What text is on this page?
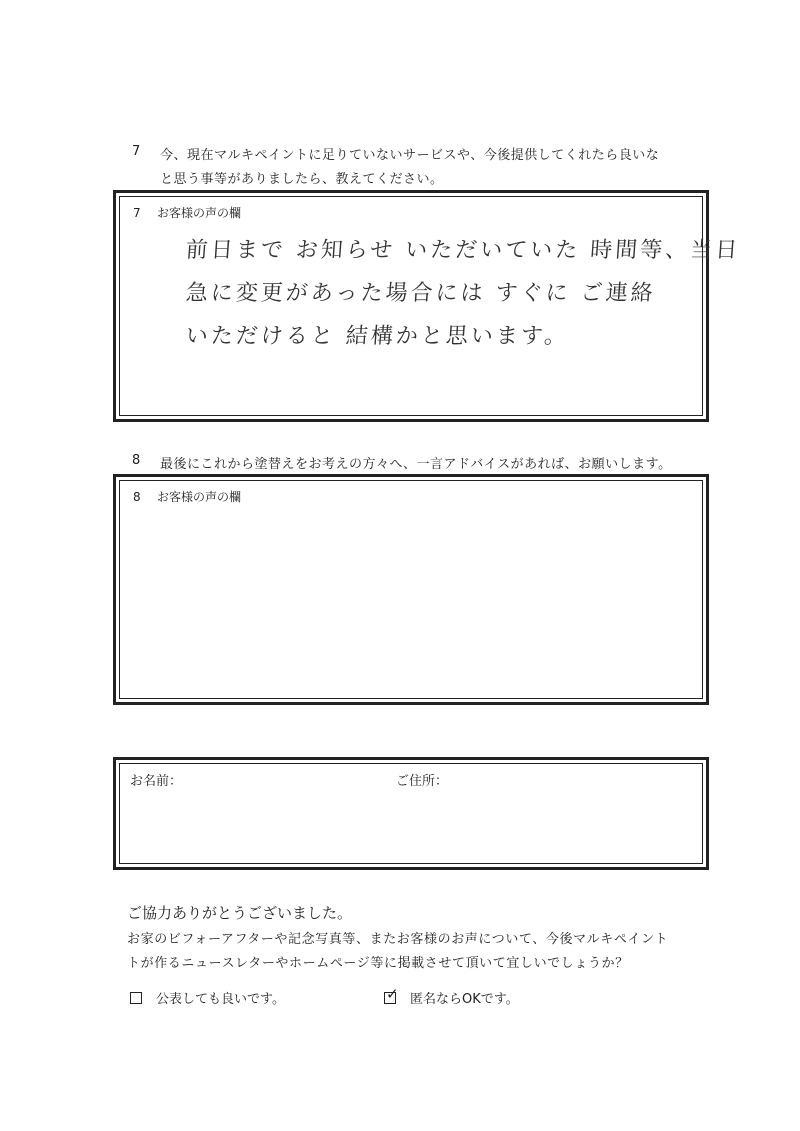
7 今、現在マルキペイントに足りていないサービスや、今後提供してくれたら良いな
と思う事等がありましたら、教えてください。
7 お客様の声の欄
前日まで お知らせ いただいていた 時間等、当日
急に変更があった場合には すぐに ご連絡
いただけると 結構かと思います。
8 最後にこれから塗替えをお考えの方々へ、一言アドバイスがあれば、お願いします。
8 お客様の声の欄
お名前：	ご住所：
ご協力ありがとうございました。
お家のビフォーアフターや記念写真等、またお客様のお声について、今後マルキペイント
トが作るニュースレターやホームページ等に掲載させて頂いて宜しいでしょうか？
公表しても良いです。	✓ 匿名ならOKです。
